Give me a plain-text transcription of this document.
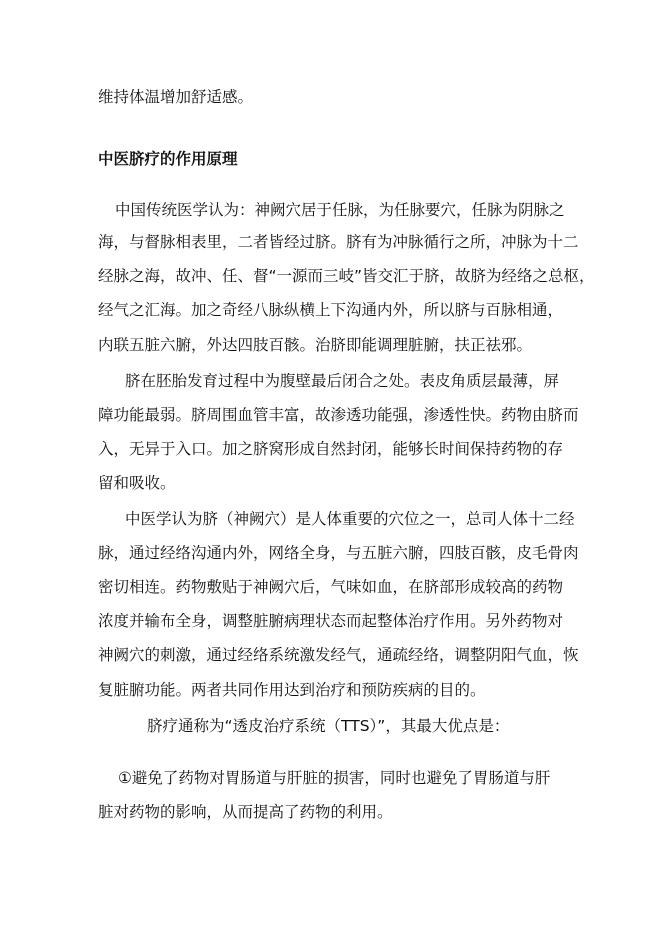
维持体温增加舒适感。
中医脐疗的作用原理
中国传统医学认为：神阙穴居于任脉，为任脉要穴，任脉为阴脉之
海，与督脉相表里，二者皆经过脐。脐有为冲脉循行之所，冲脉为十二
经脉之海，故冲、任、督“一源而三岐”皆交汇于脐，故脐为经络之总枢，
经气之汇海。加之奇经八脉纵横上下沟通内外，所以脐与百脉相通，
内联五脏六腑，外达四肢百骸。治脐即能调理脏腑，扶正祛邪。
脐在胚胎发育过程中为腹壁最后闭合之处。表皮角质层最薄，屏
障功能最弱。脐周围血管丰富，故渗透功能强，渗透性快。药物由脐而
入，无异于入口。加之脐窝形成自然封闭，能够长时间保持药物的存
留和吸收。
中医学认为脐（神阙穴）是人体重要的穴位之一，总司人体十二经
脉，通过经络沟通内外，网络全身，与五脏六腑，四肢百骸，皮毛骨肉
密切相连。药物敷贴于神阙穴后，气味如血，在脐部形成较高的药物
浓度并输布全身，调整脏腑病理状态而起整体治疗作用。另外药物对
神阙穴的刺激，通过经络系统激发经气，通疏经络，调整阴阳气血，恢
复脏腑功能。两者共同作用达到治疗和预防疾病的目的。
脐疗通称为“透皮治疗系统（TTS）”，其最大优点是：
①避免了药物对胃肠道与肝脏的损害，同时也避免了胃肠道与肝
脏对药物的影响，从而提高了药物的利用。
